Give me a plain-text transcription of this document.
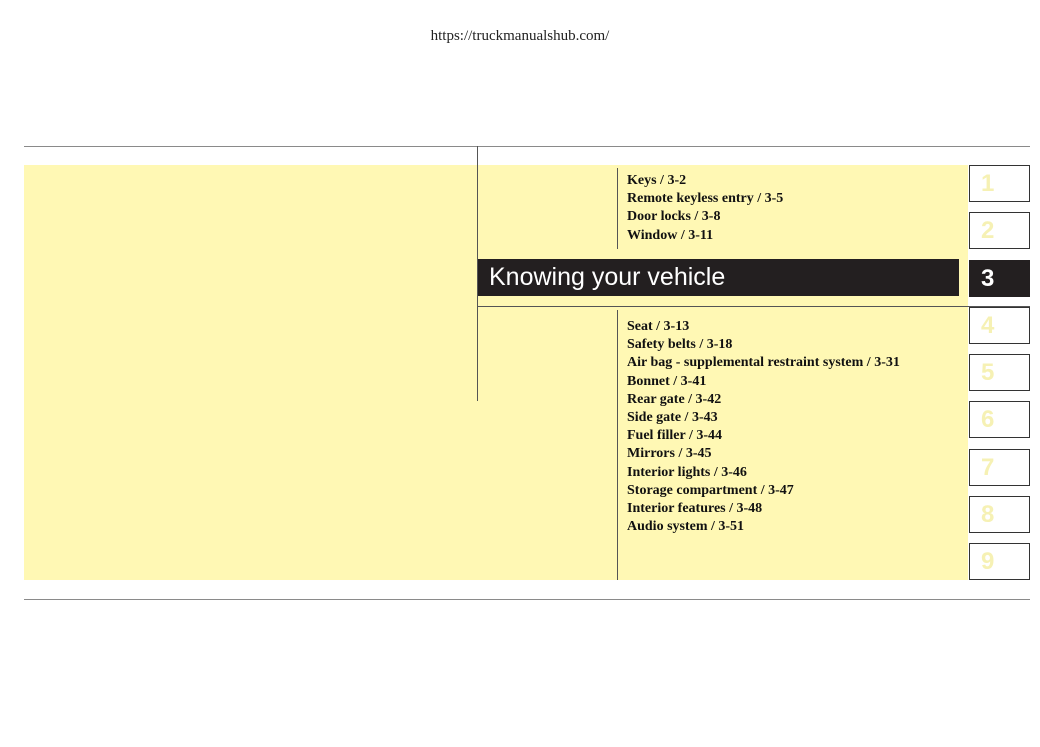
https://truckmanualshub.com/
Keys / 3-2
Remote keyless entry / 3-5
Door locks / 3-8
Window / 3-11
Knowing your vehicle
Seat / 3-13
Safety belts / 3-18
Air bag - supplemental restraint system / 3-31
Bonnet / 3-41
Rear gate / 3-42
Side gate / 3-43
Fuel filler / 3-44
Mirrors / 3-45
Interior lights / 3-46
Storage compartment / 3-47
Interior features / 3-48
Audio system / 3-51
1
2
3
4
5
6
7
8
9
